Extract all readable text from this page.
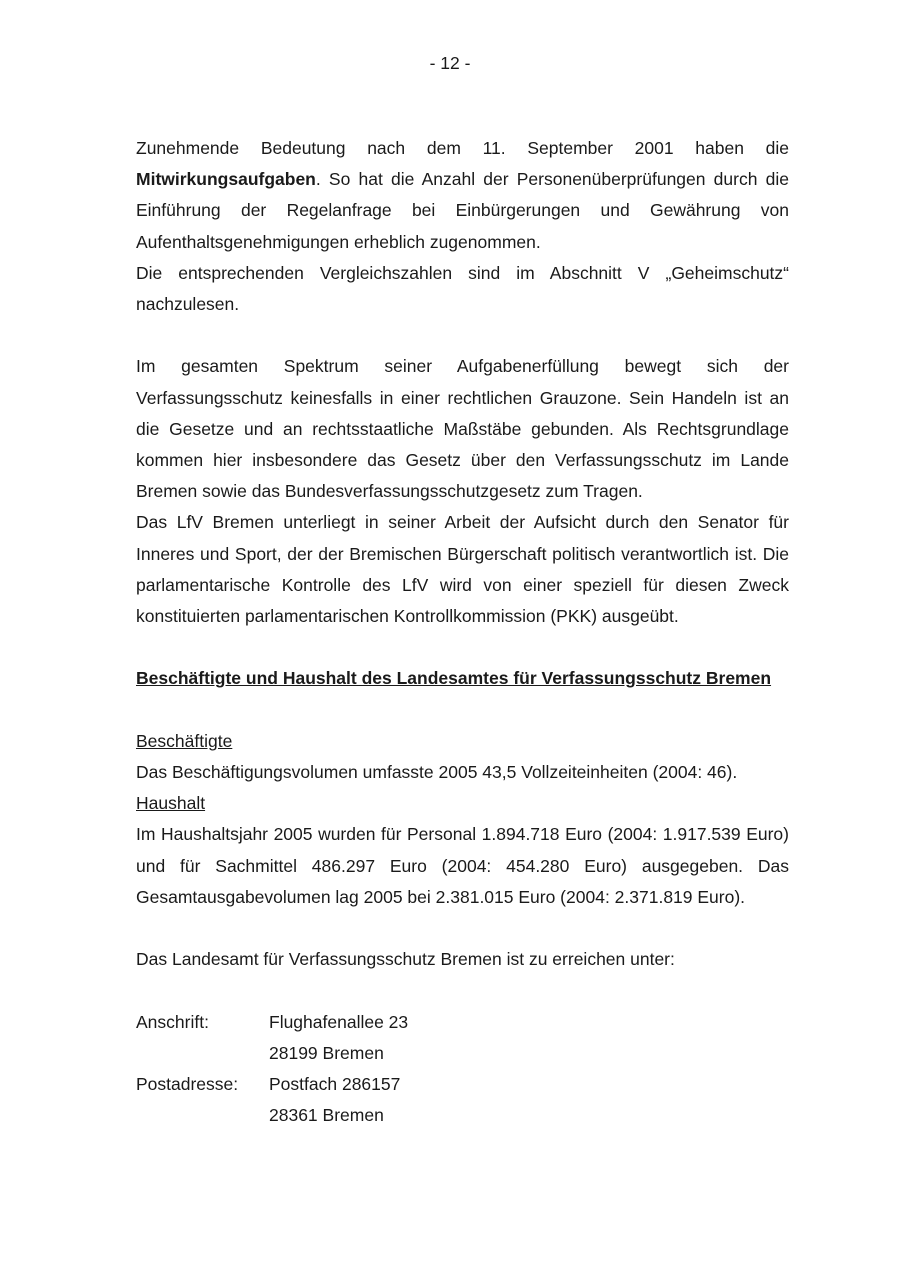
- 12 -

Zunehmende Bedeutung nach dem 11. September 2001 haben die Mitwirkungsaufgaben. So hat die Anzahl der Personenüberprüfungen durch die Einführung der Regelanfrage bei Einbürgerungen und Gewährung von Aufenthaltsgenehmigungen erheblich zugenommen.

Die entsprechenden Vergleichszahlen sind im Abschnitt V „Geheimschutz“ nachzulesen.

Im gesamten Spektrum seiner Aufgabenerfüllung bewegt sich der Verfassungsschutz keinesfalls in einer rechtlichen Grauzone. Sein Handeln ist an die Gesetze und an rechtsstaatliche Maßstäbe gebunden. Als Rechtsgrundlage kommen hier insbesondere das Gesetz über den Verfassungsschutz im Lande Bremen sowie das Bundesverfassungsschutzgesetz zum Tragen.

Das LfV Bremen unterliegt in seiner Arbeit der Aufsicht durch den Senator für Inneres und Sport, der der Bremischen Bürgerschaft politisch verantwortlich ist. Die parlamentarische Kontrolle des LfV wird von einer speziell für diesen Zweck konstituierten parlamentarischen Kontrollkommission (PKK) ausgeübt.

Beschäftigte und Haushalt des Landesamtes für Verfassungsschutz Bremen

Beschäftigte

Das Beschäftigungsvolumen umfasste 2005 43,5 Vollzeiteinheiten (2004: 46).

Haushalt

Im Haushaltsjahr 2005 wurden für Personal 1.894.718 Euro (2004: 1.917.539 Euro) und für Sachmittel 486.297 Euro (2004: 454.280 Euro) ausgegeben. Das Gesamtausgabevolumen lag 2005 bei 2.381.015 Euro (2004: 2.371.819 Euro).

Das Landesamt für Verfassungsschutz Bremen ist zu erreichen unter:

Anschrift:	Flughafenallee 23
28199 Bremen
Postadresse:	Postfach 286157
28361 Bremen
